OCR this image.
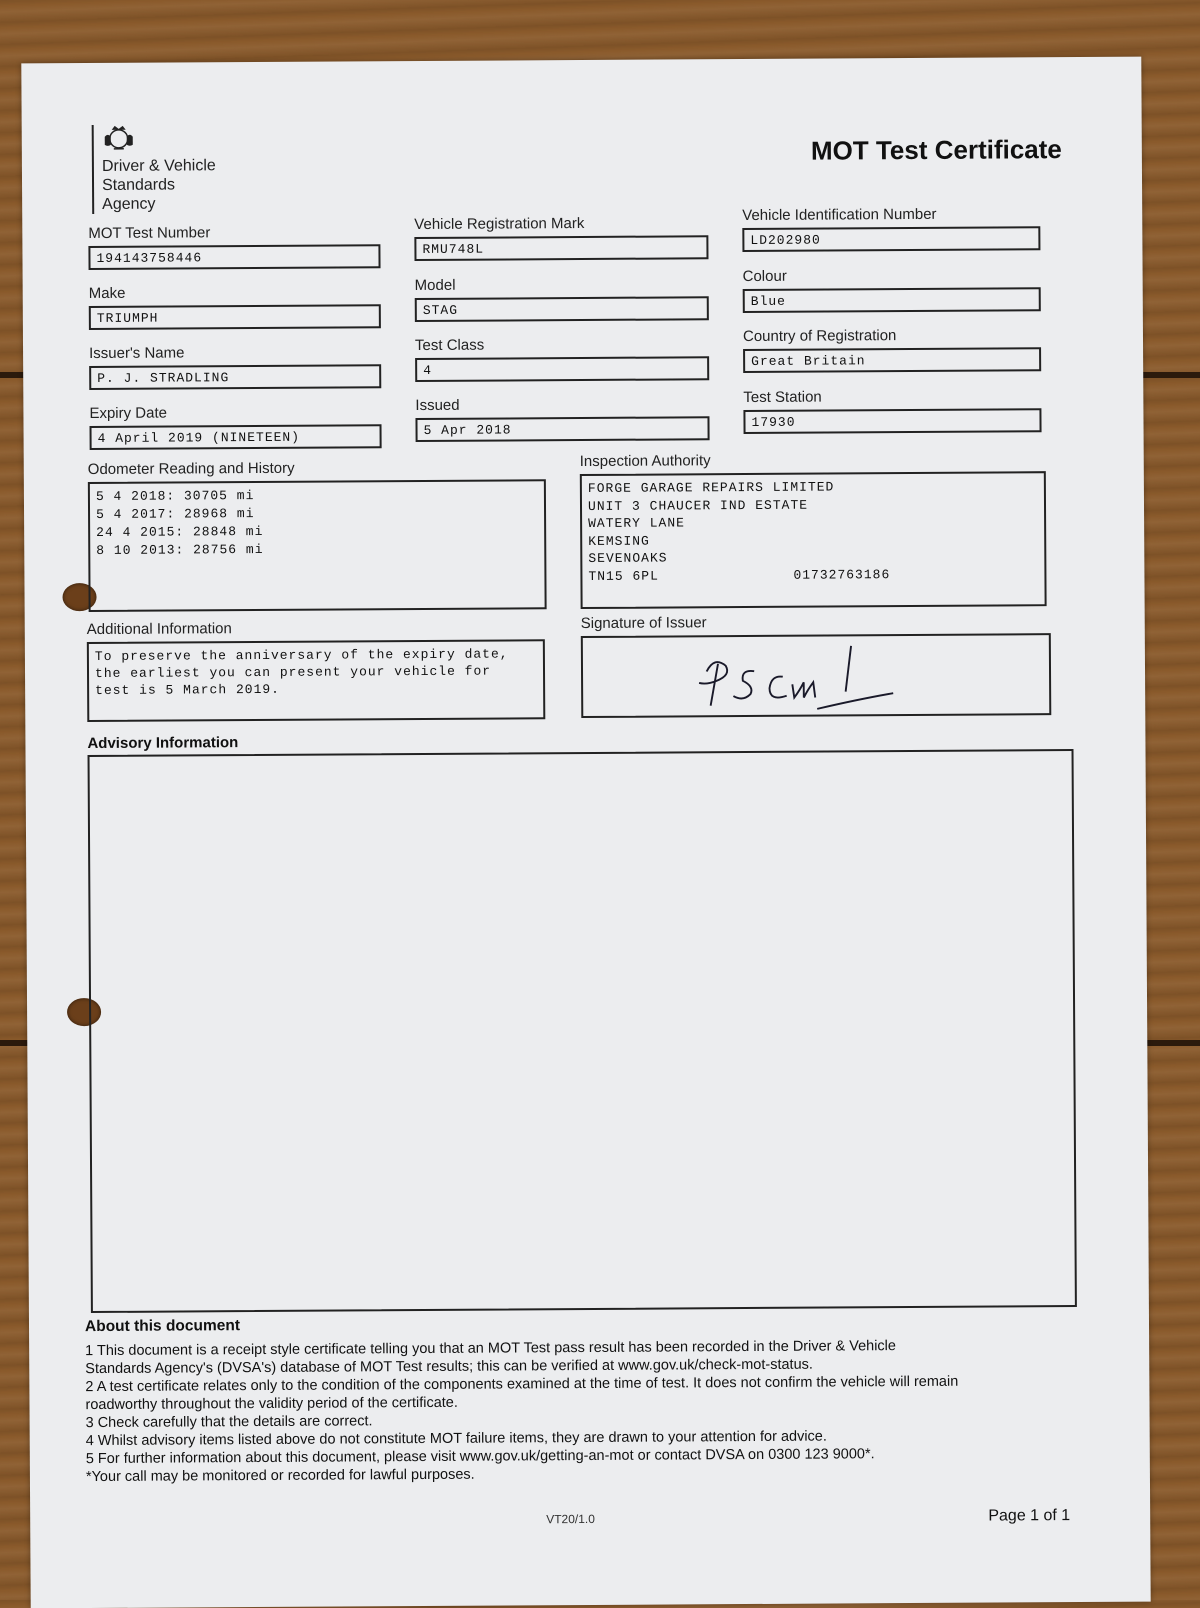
Driver & Vehicle
Standards
Agency
MOT Test Certificate
MOT Test Number
194143758446
Make
TRIUMPH
Issuer's Name
P. J. STRADLING
Expiry Date
4 April 2019 (NINETEEN)
Vehicle Registration Mark
RMU748L
Model
STAG
Test Class
4
Issued
5 Apr 2018
Vehicle Identification Number
LD202980
Colour
Blue
Country of Registration
Great Britain
Test Station
17930
Odometer Reading and History
5 4 2018: 30705 mi
5 4 2017: 28968 mi
24 4 2015: 28848 mi
8 10 2013: 28756 mi
Inspection Authority
FORGE GARAGE REPAIRS LIMITED
UNIT 3 CHAUCER IND ESTATE
WATERY LANE
KEMSING
SEVENOAKS
TN15 6PL	01732763186
Additional Information
To preserve the anniversary of the expiry date,
the earliest you can present your vehicle for
test is 5 March 2019.
Signature of Issuer
Advisory Information
About this document
1 This document is a receipt style certificate telling you that an MOT Test pass result has been recorded in the Driver & Vehicle
Standards Agency's (DVSA's) database of MOT Test results; this can be verified at www.gov.uk/check-mot-status.
2 A test certificate relates only to the condition of the components examined at the time of test. It does not confirm the vehicle will remain
roadworthy throughout the validity period of the certificate.
3 Check carefully that the details are correct.
4 Whilst advisory items listed above do not constitute MOT failure items, they are drawn to your attention for advice.
5 For further information about this document, please visit www.gov.uk/getting-an-mot or contact DVSA on 0300 123 9000*.
*Your call may be monitored or recorded for lawful purposes.
VT20/1.0	Page 1 of 1
